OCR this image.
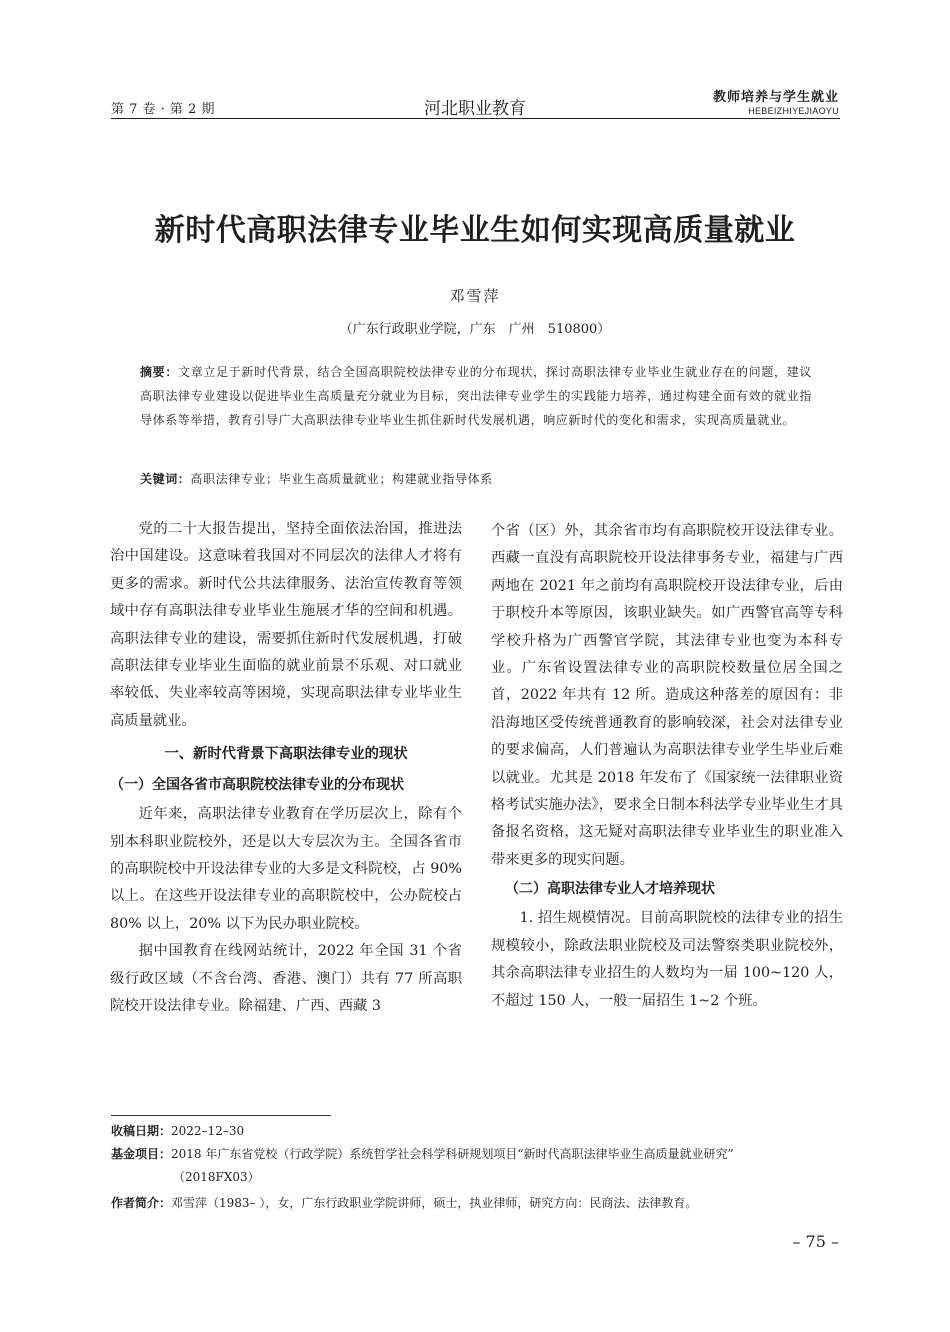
第 7 卷 · 第 2 期	河北职业教育
教师培养与学生就业
HEBEIZHIYEJIAOYU
新时代高职法律专业毕业生如何实现高质量就业
邓雪萍
（广东行政职业学院，广东　广州　510800）
摘要：文章立足于新时代背景，结合全国高职院校法律专业的分布现状，探讨高职法律专业毕业生就业存在的问题，建议高职法律专业建设以促进毕业生高质量充分就业为目标，突出法律专业学生的实践能力培养，通过构建全面有效的就业指导体系等举措，教育引导广大高职法律专业毕业生抓住新时代发展机遇，响应新时代的变化和需求，实现高质量就业。
关键词：高职法律专业；毕业生高质量就业；构建就业指导体系

党的二十大报告提出，坚持全面依法治国，推进法治中国建设。这意味着我国对不同层次的法律人才将有更多的需求。新时代公共法律服务、法治宣传教育等领域中存有高职法律专业毕业生施展才华的空间和机遇。高职法律专业的建设，需要抓住新时代发展机遇，打破高职法律专业毕业生面临的就业前景不乐观、对口就业率较低、失业率较高等困境，实现高职法律专业毕业生高质量就业。

一、新时代背景下高职法律专业的现状
（一）全国各省市高职院校法律专业的分布现状

近年来，高职法律专业教育在学历层次上，除有个别本科职业院校外，还是以大专层次为主。全国各省市的高职院校中开设法律专业的大多是文科院校，占 90% 以上。在这些开设法律专业的高职院校中，公办院校占 80% 以上，20% 以下为民办职业院校。

据中国教育在线网站统计，2022 年全国 31 个省级行政区域（不含台湾、香港、澳门）共有 77 所高职院校开设法律专业。除福建、广西、西藏 3

个省（区）外，其余省市均有高职院校开设法律专业。西藏一直没有高职院校开设法律事务专业，福建与广西两地在 2021 年之前均有高职院校开设法律专业，后由于职校升本等原因，该职业缺失。如广西警官高等专科学校升格为广西警官学院，其法律专业也变为本科专业。广东省设置法律专业的高职院校数量位居全国之首，2022 年共有 12 所。造成这种落差的原因有：非沿海地区受传统普通教育的影响较深，社会对法律专业的要求偏高，人们普遍认为高职法律专业学生毕业后难以就业。尤其是 2018 年发布了《国家统一法律职业资格考试实施办法》，要求全日制本科法学专业毕业生才具备报名资格，这无疑对高职法律专业毕业生的职业准入带来更多的现实问题。

（二）高职法律专业人才培养现状

1. 招生规模情况。目前高职院校的法律专业的招生规模较小，除政法职业院校及司法警察类职业院校外，其余高职法律专业招生的人数均为一届 100~120 人，不超过 150 人，一般一届招生 1~2 个班。

收稿日期：2022–12–30
基金项目：2018 年广东省党校（行政学院）系统哲学社会科学科研规划项目“新时代高职法律毕业生高质量就业研究”
（2018FX03）
作者简介：邓雪萍（1983– ），女，广东行政职业学院讲师，硕士，执业律师，研究方向：民商法、法律教育。
– 75 –
